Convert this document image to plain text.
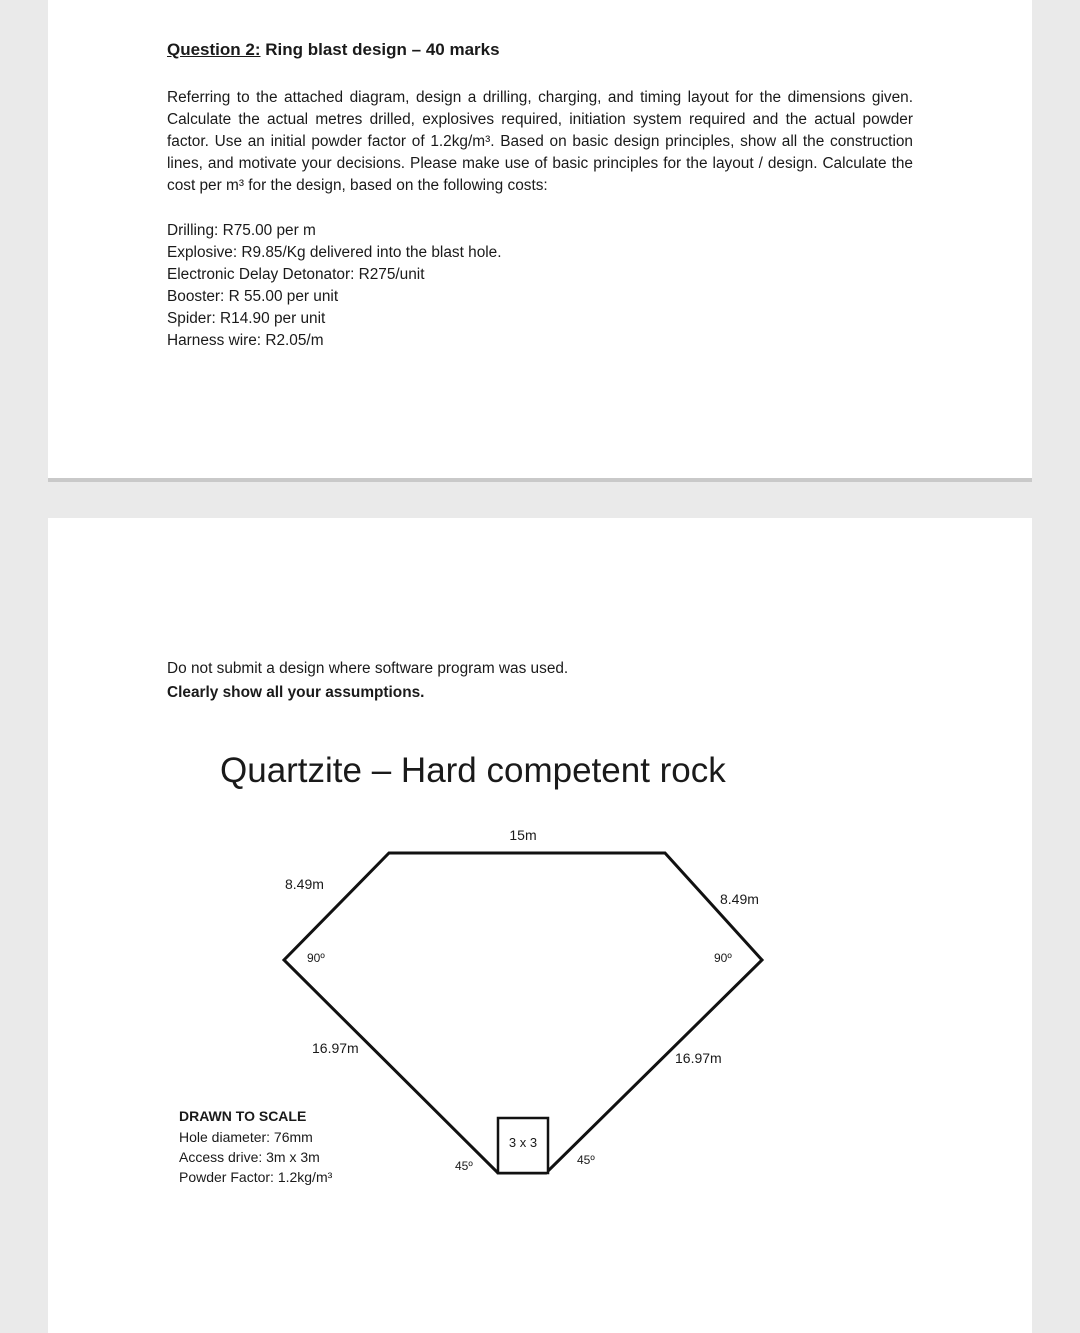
Question 2: Ring blast design – 40 marks

Referring to the attached diagram, design a drilling, charging, and timing layout for the dimensions given. Calculate the actual metres drilled, explosives required, initiation system required and the actual powder factor. Use an initial powder factor of 1.2kg/m³. Based on basic design principles, show all the construction lines, and motivate your decisions. Please make use of basic principles for the layout / design. Calculate the cost per m³ for the design, based on the following costs:

Drilling: R75.00 per m
Explosive: R9.85/Kg delivered into the blast hole.
Electronic Delay Detonator: R275/unit
Booster: R 55.00 per unit
Spider: R14.90 per unit
Harness wire: R2.05/m

Do not submit a design where software program was used.

Clearly show all your assumptions.

Quartzite – Hard competent rock
15m
8.49m
8.49m
90º	90º
16.97m
16.97m
45º	45º
3 x 3
DRAWN TO SCALE
Hole diameter: 76mm
Access drive: 3m x 3m
Powder Factor: 1.2kg/m³
